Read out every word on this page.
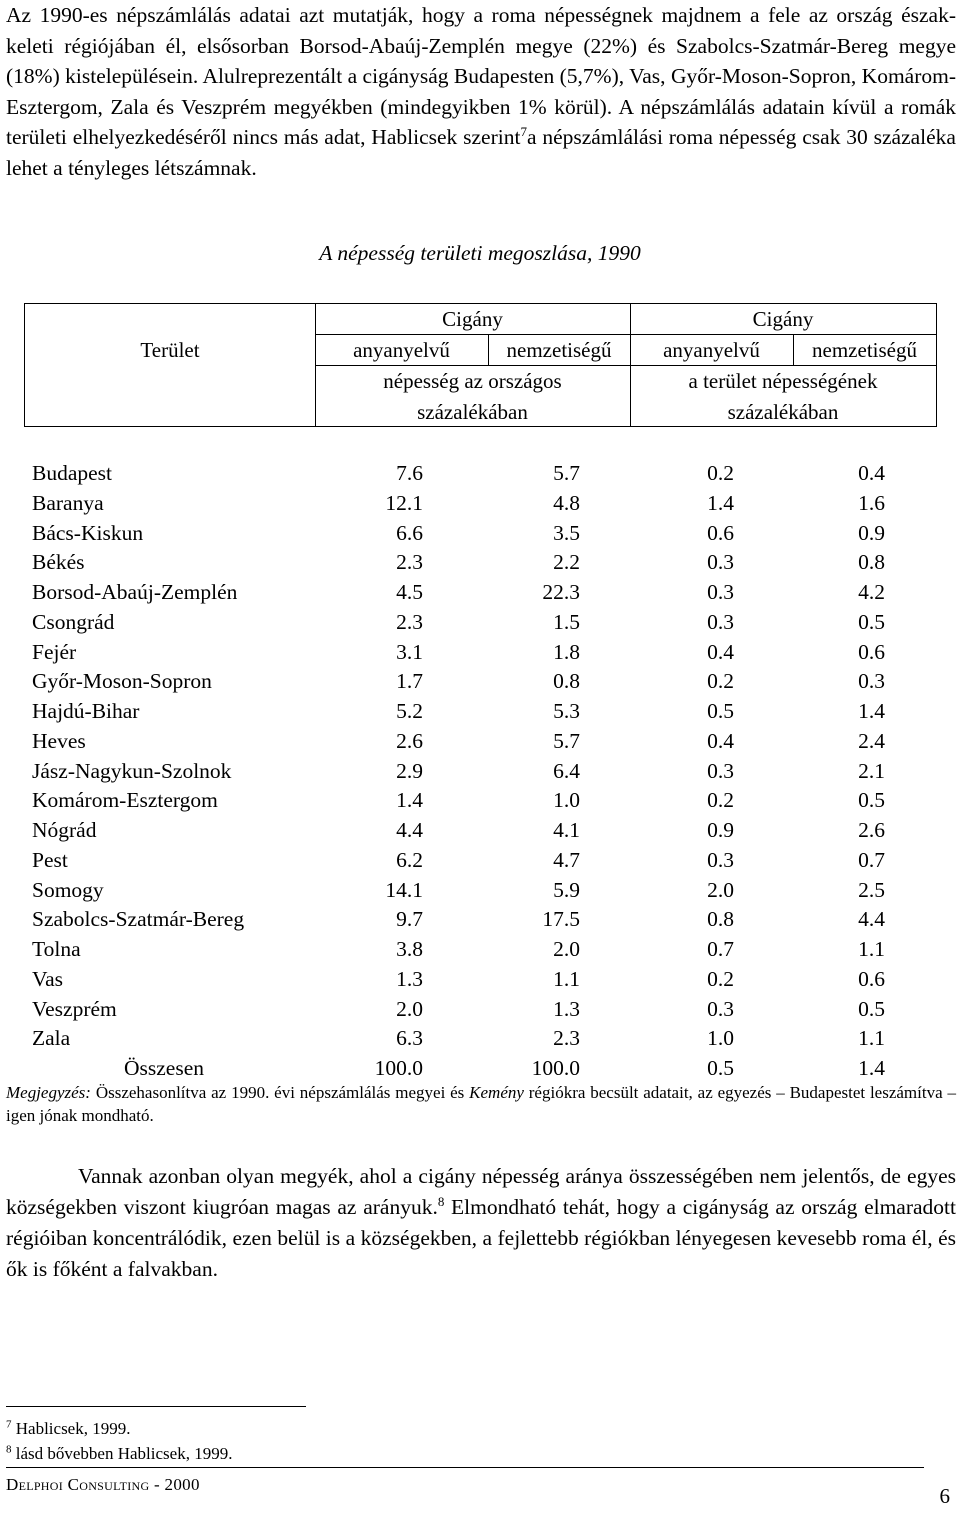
Az 1990-es népszámlálás adatai azt mutatják, hogy a roma népességnek majdnem a fele az ország észak-keleti régiójában él, elsősorban Borsod-Abaúj-Zemplén megye (22%) és Szabolcs-Szatmár-Bereg megye (18%) kistelepülésein. Alulreprezentált a cigányság Budapesten (5,7%), Vas, Győr-Moson-Sopron, Komárom-Esztergom, Zala és Veszprém megyékben (mindegyikben 1% körül). A népszámlálás adatain kívül a romák területi elhelyezkedéséről nincs más adat, Hablicsek szerint$^7$a népszámlálási roma népesség csak 30 százaléka lehet a tényleges létszámnak.

A népesség területi megoszlása, 1990

Terület
Cigány	Cigány
anyanyelvű	nemzetiségű	anyanyelvű	nemzetiségű
népesség az országos
százalékában
a terület népességének
százalékában
Budapest	7.6	5.7	0.2	0.4
Baranya	12.1	4.8	1.4	1.6
Bács-Kiskun	6.6	3.5	0.6	0.9
Békés	2.3	2.2	0.3	0.8
Borsod-Abaúj-Zemplén	4.5	22.3	0.3	4.2
Csongrád	2.3	1.5	0.3	0.5
Fejér	3.1	1.8	0.4	0.6
Győr-Moson-Sopron	1.7	0.8	0.2	0.3
Hajdú-Bihar	5.2	5.3	0.5	1.4
Heves	2.6	5.7	0.4	2.4
Jász-Nagykun-Szolnok	2.9	6.4	0.3	2.1
Komárom-Esztergom	1.4	1.0	0.2	0.5
Nógrád	4.4	4.1	0.9	2.6
Pest	6.2	4.7	0.3	0.7
Somogy	14.1	5.9	2.0	2.5
Szabolcs-Szatmár-Bereg	9.7	17.5	0.8	4.4
Tolna	3.8	2.0	0.7	1.1
Vas	1.3	1.1	0.2	0.6
Veszprém	2.0	1.3	0.3	0.5
Zala	6.3	2.3	1.0	1.1
Összesen	100.0	100.0	0.5	1.4

Megjegyzés: Összehasonlítva az 1990. évi népszámlálás megyei és Kemény régiókra becsült adatait, az egyezés – Budapestet leszámítva – igen jónak mondható.

Vannak azonban olyan megyék, ahol a cigány népesség aránya összességében nem jelentős, de egyes községekben viszont kiugróan magas az arányuk.$^8$ Elmondható tehát, hogy a cigányság az ország elmaradott régióiban koncentrálódik, ezen belül is a községekben, a fejlettebb régiókban lényegesen kevesebb roma él, és ők is főként a falvakban.

$^7$ Hablicsek, 1999.
$^8$ lásd bővebben Hablicsek, 1999.
Delphoi Consulting - 2000	6
